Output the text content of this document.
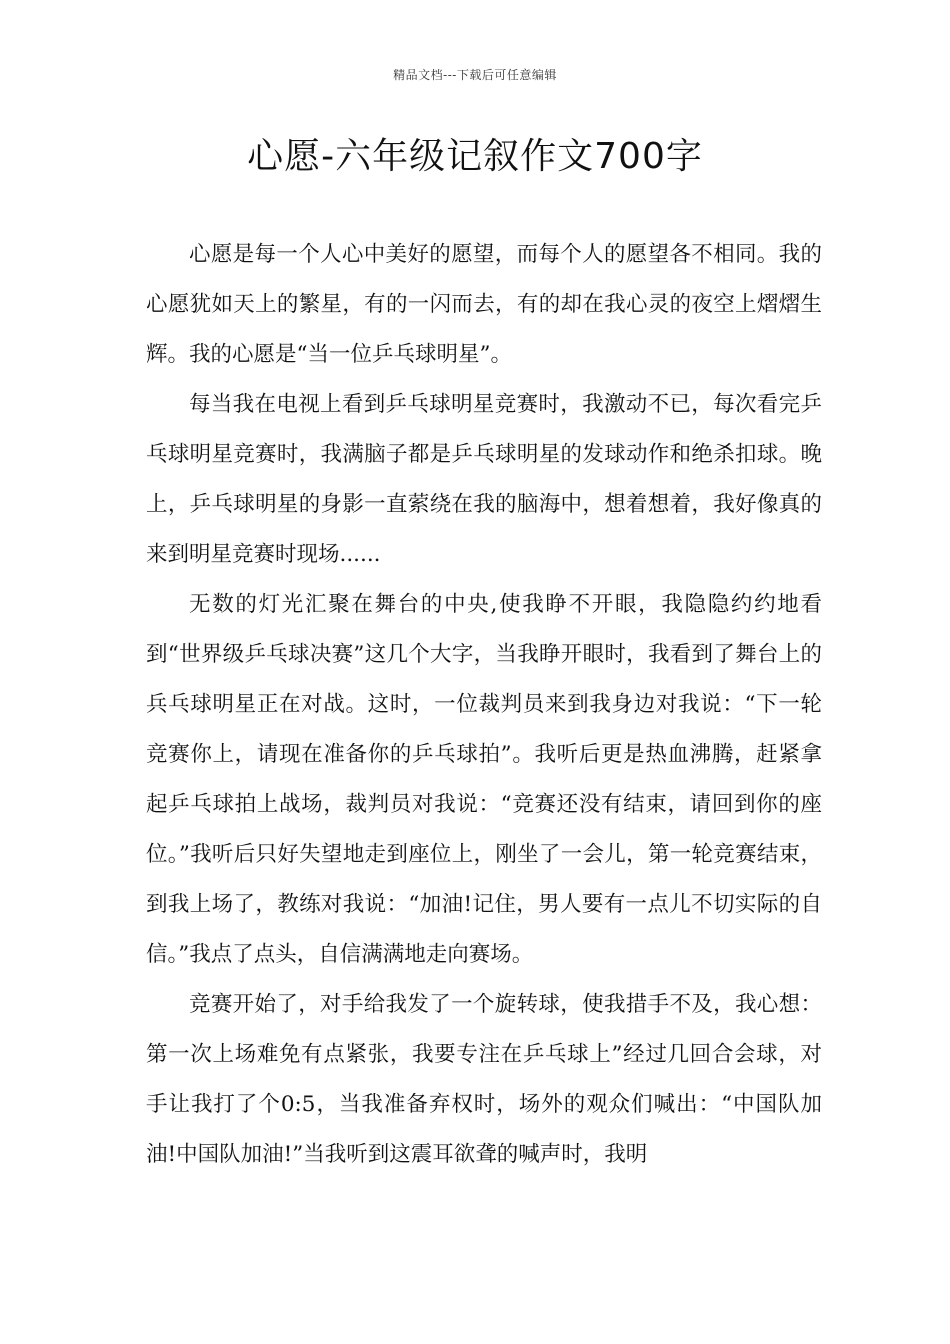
精品文档---下载后可任意编辑
心愿-六年级记叙作文700字

心愿是每一个人心中美好的愿望，而每个人的愿望各不相同。我的心愿犹如天上的繁星，有的一闪而去，有的却在我心灵的夜空上熠熠生辉。我的心愿是“当一位乒乓球明星”。

每当我在电视上看到乒乓球明星竞赛时，我激动不已，每次看完乒乓球明星竞赛时，我满脑子都是乒乓球明星的发球动作和绝杀扣球。晚上，乒乓球明星的身影一直萦绕在我的脑海中，想着想着，我好像真的来到明星竞赛时现场......

无数的灯光汇聚在舞台的中央,使我睁不开眼，我隐隐约约地看到“世界级乒乓球决赛”这几个大字，当我睁开眼时，我看到了舞台上的兵乓球明星正在对战。这时，一位裁判员来到我身边对我说：“下一轮竞赛你上，请现在准备你的乒乓球拍”。我听后更是热血沸腾，赶紧拿起乒乓球拍上战场，裁判员对我说：“竞赛还没有结束，请回到你的座位。”我听后只好失望地走到座位上，刚坐了一会儿，第一轮竞赛结束，到我上场了，教练对我说：“加油!记住，男人要有一点儿不切实际的自信。”我点了点头，自信满满地走向赛场。

竞赛开始了，对手给我发了一个旋转球，使我措手不及，我心想：第一次上场难免有点紧张，我要专注在乒乓球上”经过几回合会球，对手让我打了个0:5，当我准备弃权时，场外的观众们喊出：“中国队加油!中国队加油!”当我听到这震耳欲聋的喊声时，我明
